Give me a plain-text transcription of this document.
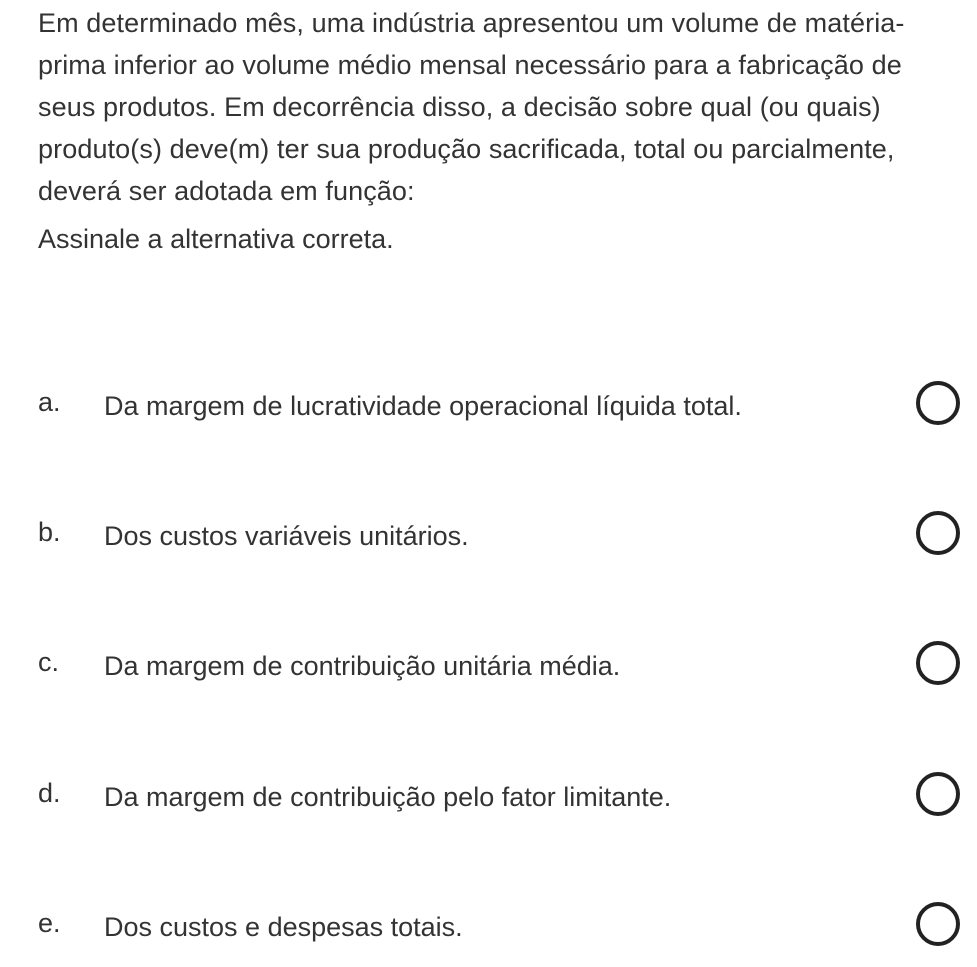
Em determinado mês, uma indústria apresentou um volume de matéria-prima inferior ao volume médio mensal necessário para a fabricação de seus produtos. Em decorrência disso, a decisão sobre qual (ou quais) produto(s) deve(m) ter sua produção sacrificada, total ou parcialmente, deverá ser adotada em função:
Assinale a alternativa correta.
a. Da margem de lucratividade operacional líquida total.
b. Dos custos variáveis unitários.
c. Da margem de contribuição unitária média.
d. Da margem de contribuição pelo fator limitante.
e. Dos custos e despesas totais.
